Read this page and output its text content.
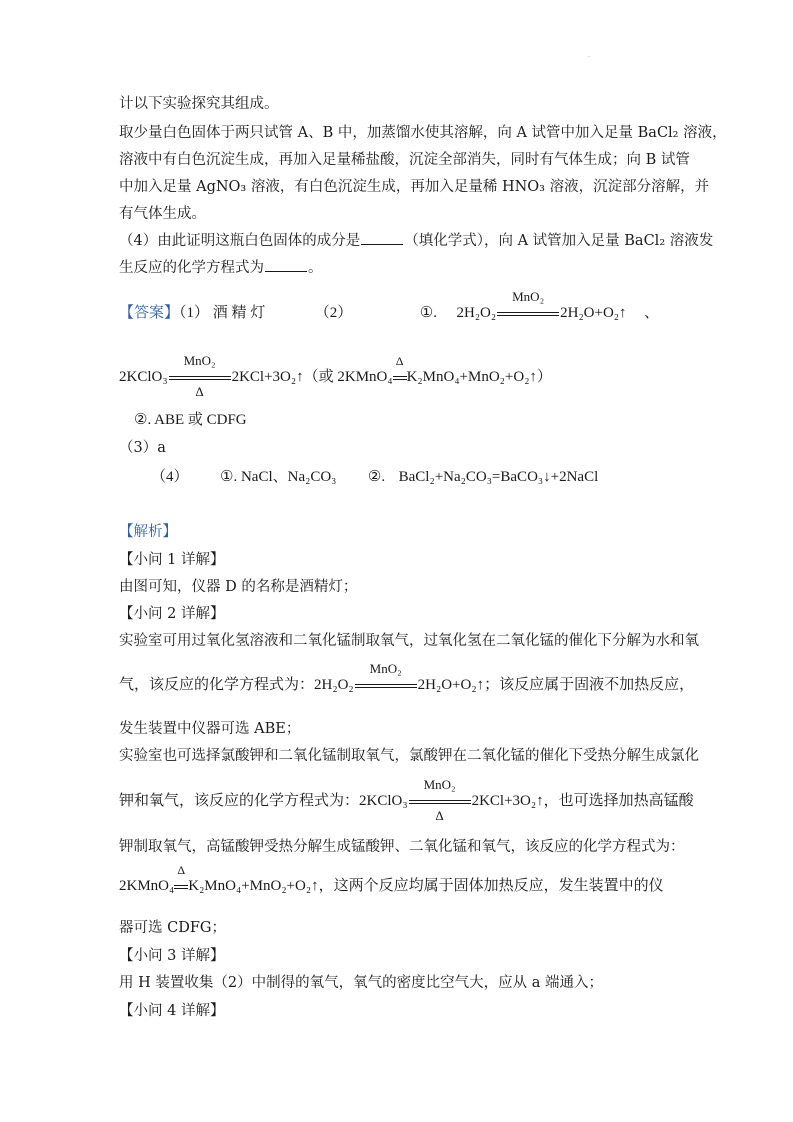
·
计以下实验探究其组成。
取少量白色固体于两只试管 A、B 中，加蒸馏水使其溶解，向 A 试管中加入足量 BaCl₂ 溶液，
溶液中有白色沉淀生成，再加入足量稀盐酸，沉淀全部消失，同时有气体生成；向 B 试管
中加入足量 AgNO₃ 溶液，有白色沉淀生成，再加入足量稀 HNO₃ 溶液，沉淀部分溶解，并
有气体生成。
（4）由此证明这瓶白色固体的成分是	（填化学式），向 A 试管加入足量 BaCl₂ 溶液发
生反应的化学方程式为	。
【答案】（1） 酒 精 灯	（2）	①. 2H₂O₂
MnO₂
2H₂O+O₂↑ 、
2KClO₃
MnO₂
Δ
2KCl+3O₂↑（或 2KMnO₄
Δ
K₂MnO₄+MnO₂+O₂↑）
②. ABE 或 CDFG
（3）a
（4） ①. NaCl、Na₂CO₃ ②. BaCl₂+Na₂CO₃=BaCO₃↓+2NaCl
【解析】
【小问 1 详解】
由图可知，仪器 D 的名称是酒精灯；
【小问 2 详解】
实验室可用过氧化氢溶液和二氧化锰制取氧气，过氧化氢在二氧化锰的催化下分解为水和氧
气，该反应的化学方程式为：2H₂O₂
MnO₂
2H₂O+O₂↑；该反应属于固液不加热反应，
发生装置中仪器可选 ABE；
实验室也可选择氯酸钾和二氧化锰制取氧气，氯酸钾在二氧化锰的催化下受热分解生成氯化
钾和氧气，该反应的化学方程式为：2KClO₃
MnO₂
Δ
2KCl+3O₂↑，也可选择加热高锰酸
钾制取氧气，高锰酸钾受热分解生成锰酸钾、二氧化锰和氧气，该反应的化学方程式为：
2KMnO₄
Δ
K₂MnO₄+MnO₂+O₂↑，这两个反应均属于固体加热反应，发生装置中的仪
器可选 CDFG；
【小问 3 详解】
用 H 装置收集（2）中制得的氧气，氧气的密度比空气大，应从 a 端通入；
【小问 4 详解】
